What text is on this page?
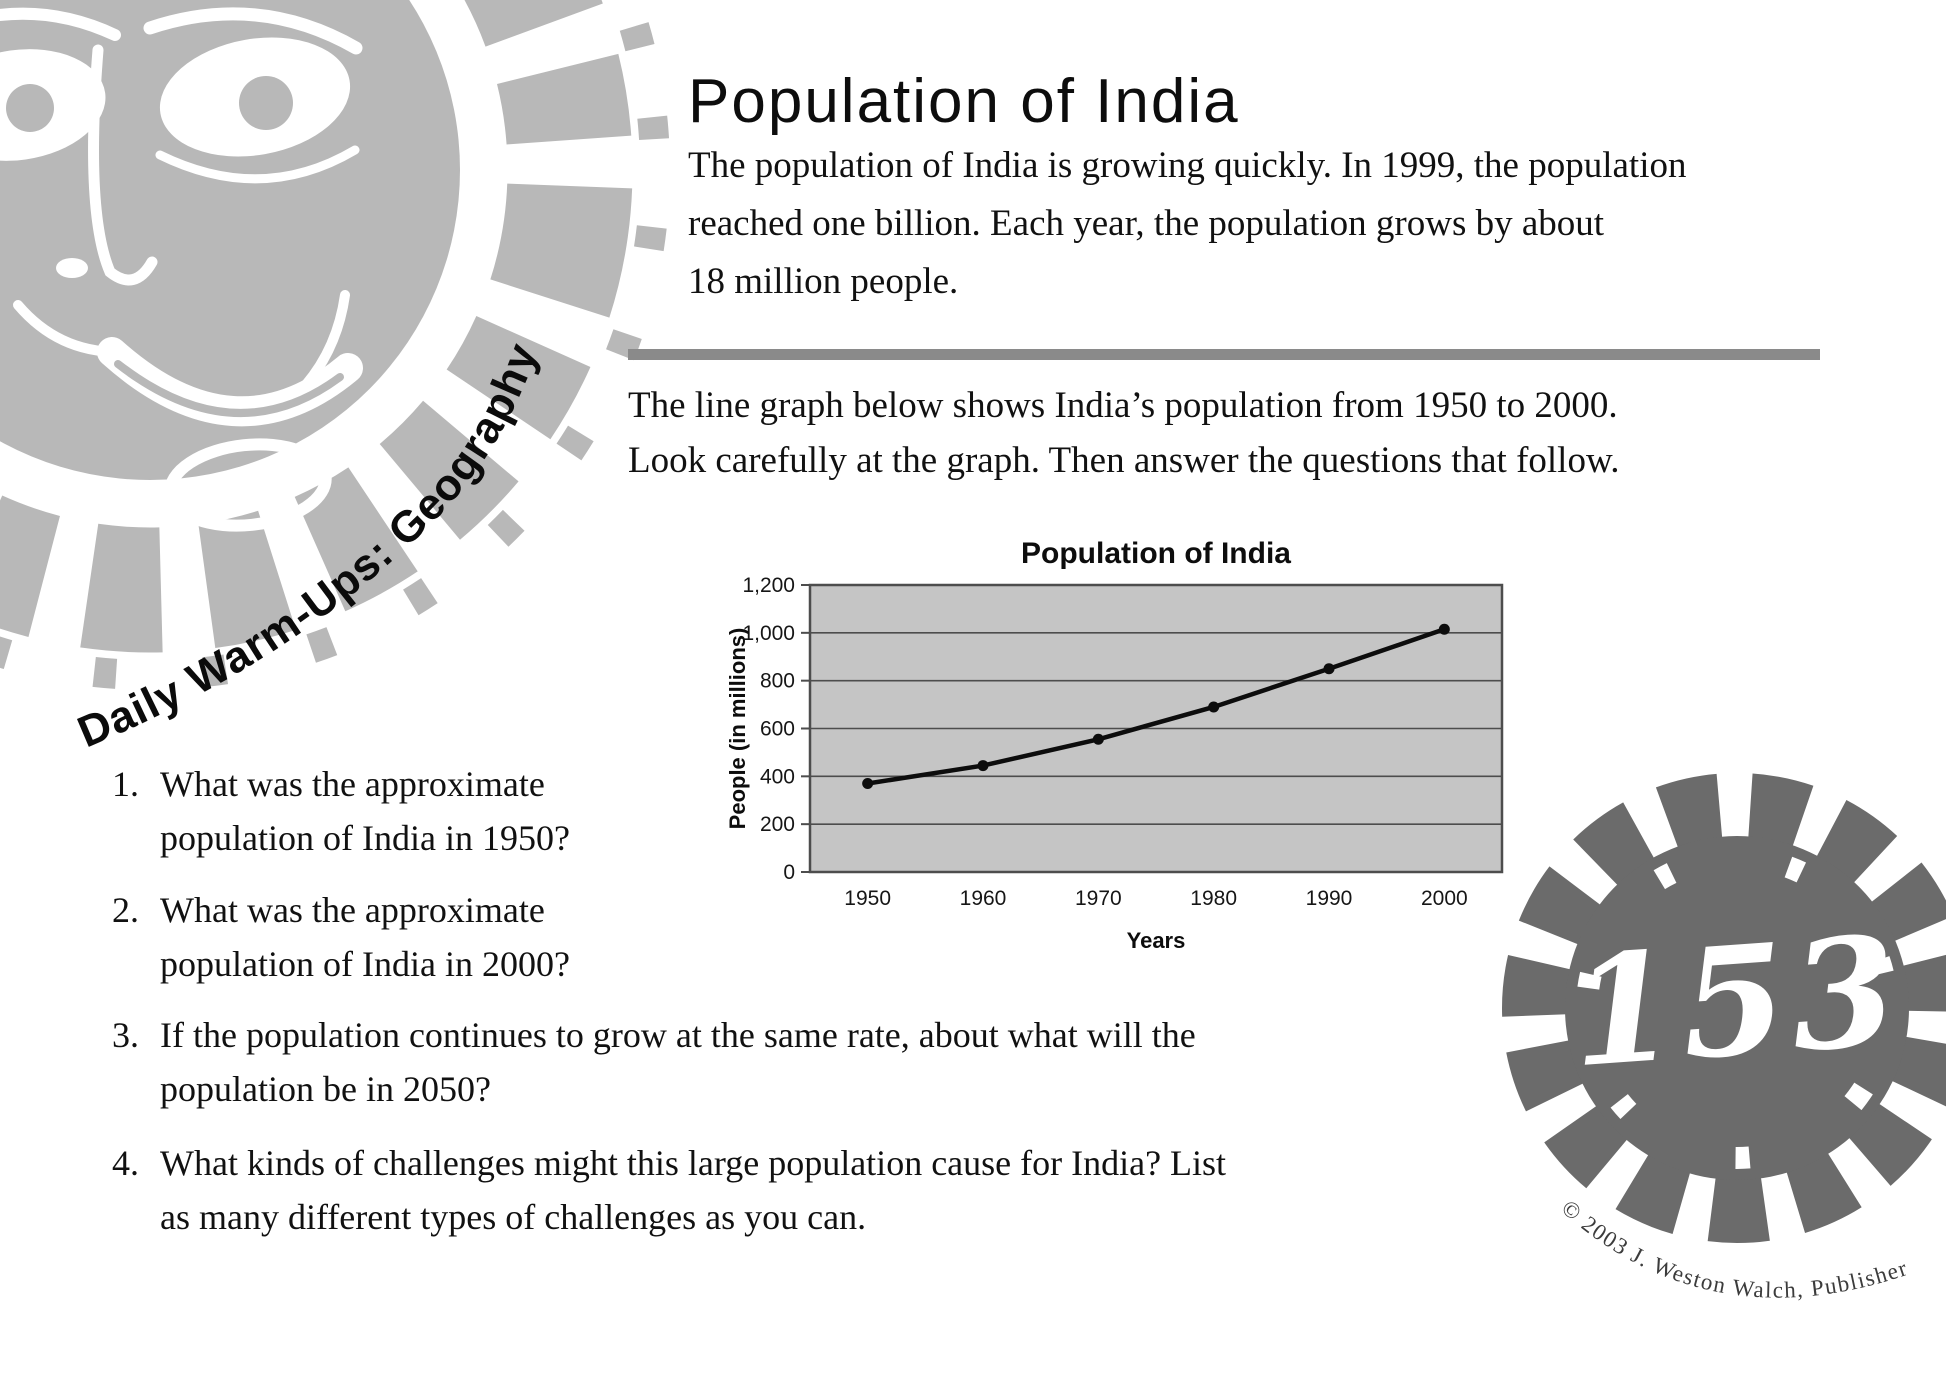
Daily Warm-Ups: Geography
153
© 2003 J. Weston Walch, Publisher
Population of India
The population of India is growing quickly. In 1999, the population
reached one billion. Each year, the population grows by about
18 million people.
The line graph below shows India’s population from 1950 to 2000.
Look carefully at the graph. Then answer the questions that follow.
0
200
400
600
800
1,000
1,200
1950	1960	1970	1980	1990	2000
Population of India
Years
People (in millions)
1. What was the approximate
population of India in 1950?
2. What was the approximate
population of India in 2000?
3. If the population continues to grow at the same rate, about what will the
population be in 2050?
4. What kinds of challenges might this large population cause for India? List
as many different types of challenges as you can.
